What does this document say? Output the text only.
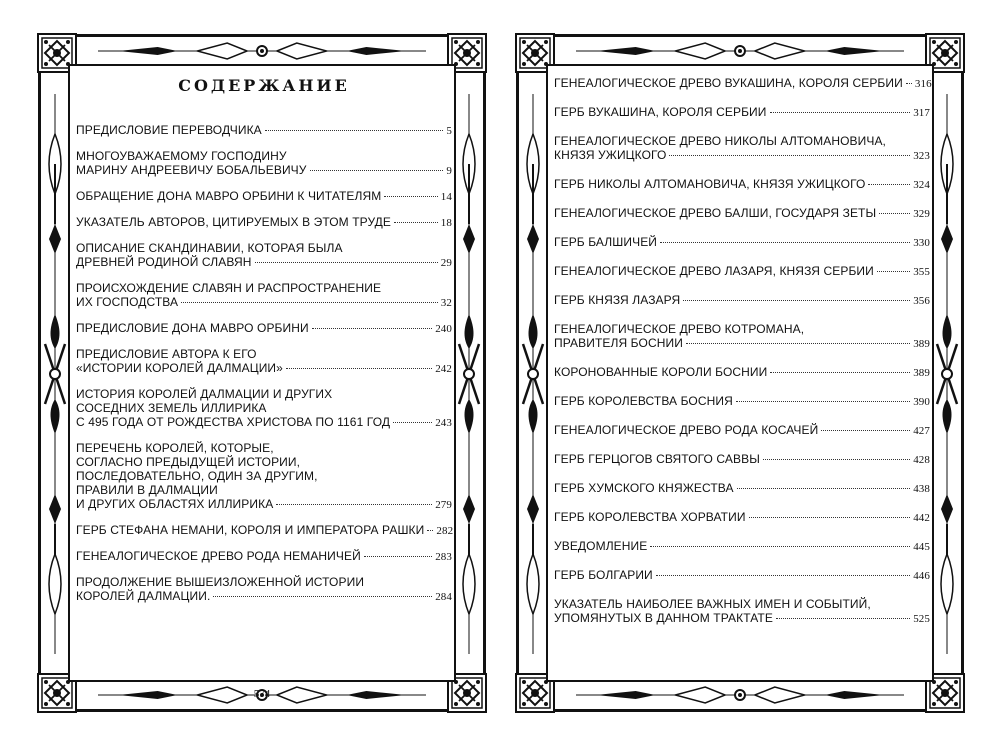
СОДЕРЖАНИЕ
ПРЕДИСЛОВИЕ ПЕРЕВОДЧИКА	5
МНОГОУВАЖАЕМОМУ ГОСПОДИНУ
МАРИНУ АНДРЕЕВИЧУ БОБАЛЬЕВИЧУ	9
ОБРАЩЕНИЕ ДОНА МАВРО ОРБИНИ К ЧИТАТЕЛЯМ	14
УКАЗАТЕЛЬ АВТОРОВ, ЦИТИРУЕМЫХ В ЭТОМ ТРУДЕ	18
ОПИСАНИЕ СКАНДИНАВИИ, КОТОРАЯ БЫЛА
ДРЕВНЕЙ РОДИНОЙ СЛАВЯН	29
ПРОИСХОЖДЕНИЕ СЛАВЯН И РАСПРОСТРАНЕНИЕ
ИХ ГОСПОДСТВА	32
ПРЕДИСЛОВИЕ ДОНА МАВРО ОРБИНИ	240
ПРЕДИСЛОВИЕ АВТОРА К ЕГО
«ИСТОРИИ КОРОЛЕЙ ДАЛМАЦИИ»	242
ИСТОРИЯ КОРОЛЕЙ ДАЛМАЦИИ И ДРУГИХ
СОСЕДНИХ ЗЕМЕЛЬ ИЛЛИРИКА
С 495 ГОДА ОТ РОЖДЕСТВА ХРИСТОВА ПО 1161 ГОД	243
ПЕРЕЧЕНЬ КОРОЛЕЙ, КОТОРЫЕ,
СОГЛАСНО ПРЕДЫДУЩЕЙ ИСТОРИИ,
ПОСЛЕДОВАТЕЛЬНО, ОДИН ЗА ДРУГИМ,
ПРАВИЛИ В ДАЛМАЦИИ
И ДРУГИХ ОБЛАСТЯХ ИЛЛИРИКА	279
ГЕРБ СТЕФАНА НЕМАНИ, КОРОЛЯ И ИМПЕРАТОРА РАШКИ 282
ГЕНЕАЛОГИЧЕСКОЕ ДРЕВО РОДА НЕМАНИЧЕЙ	283
ПРОДОЛЖЕНИЕ ВЫШЕИЗЛОЖЕННОЙ ИСТОРИИ
КОРОЛЕЙ ДАЛМАЦИИ.	284
574
ГЕНЕАЛОГИЧЕСКОЕ ДРЕВО ВУКАШИНА, КОРОЛЯ СЕРБИИ 316
ГЕРБ ВУКАШИНА, КОРОЛЯ СЕРБИИ	317
ГЕНЕАЛОГИЧЕСКОЕ ДРЕВО НИКОЛЫ АЛТОМАНОВИЧА,
КНЯЗЯ УЖИЦКОГО	323
ГЕРБ НИКОЛЫ АЛТОМАНОВИЧА, КНЯЗЯ УЖИЦКОГО	324
ГЕНЕАЛОГИЧЕСКОЕ ДРЕВО БАЛШИ, ГОСУДАРЯ ЗЕТЫ	329
ГЕРБ БАЛШИЧЕЙ	330
ГЕНЕАЛОГИЧЕСКОЕ ДРЕВО ЛАЗАРЯ, КНЯЗЯ СЕРБИИ	355
ГЕРБ КНЯЗЯ ЛАЗАРЯ	356
ГЕНЕАЛОГИЧЕСКОЕ ДРЕВО КОТРОМАНА,
ПРАВИТЕЛЯ БОСНИИ	389
КОРОНОВАННЫЕ КОРОЛИ БОСНИИ	389
ГЕРБ КОРОЛЕВСТВА БОСНИЯ	390
ГЕНЕАЛОГИЧЕСКОЕ ДРЕВО РОДА КОСАЧЕЙ	427
ГЕРБ ГЕРЦОГОВ СВЯТОГО САВВЫ	428
ГЕРБ ХУМСКОГО КНЯЖЕСТВА	438
ГЕРБ КОРОЛЕВСТВА ХОРВАТИИ	442
УВЕДОМЛЕНИЕ	445
ГЕРБ БОЛГАРИИ	446
УКАЗАТЕЛЬ НАИБОЛЕЕ ВАЖНЫХ ИМЕН И СОБЫТИЙ,
УПОМЯНУТЫХ В ДАННОМ ТРАКТАТЕ	525
